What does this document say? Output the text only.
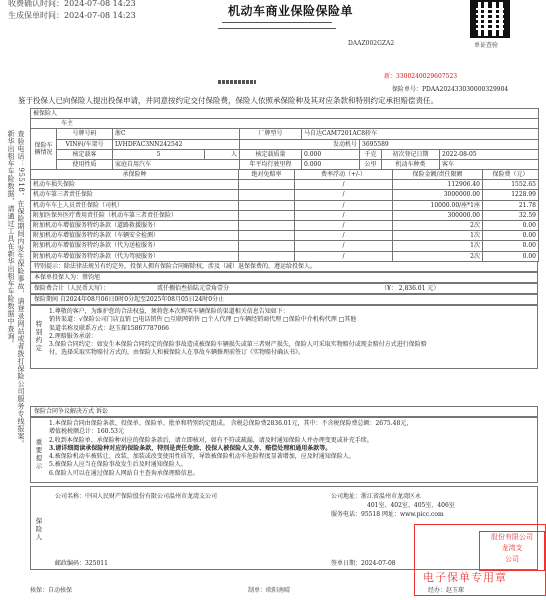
收费确认时间：2024-07-08 14:23
生成保单时间：2024-07-08 14:23	机动车商业保险保险单
单证查验
DAAZ002GZA2
新：3300240029607523
保险单号：PDAA202433030000329904
鉴于投保人已向保险人提出投保申请，并同意按约定交付保险费，保险人依照承保险种及其对应条款和特别约定承担赔偿责任。
新华出租车车险数据，请通过工具在新华出租车车险数据中查询。 查验电话：95518，在保险期间内发生保险事故，请登录网站或者拨打保险公司服务专线报案。
被保险人								
车主								
保险车辆情况	号牌号码	浙C		厂牌型号	马自达CAM7201AC8轿车			
	VIN码/车架号	LVHDFAC3NN242542		发动机号		3695589		
	核定载客	5	人	核定载质量	0.000	千克	初次登记日期	2022-08-05
	使用性质	家庭自用汽车		年平均行驶里程	0.000	公里	机动车种类	客车
承保险种	绝对免赔率	费率浮动（+/-）	保险金额/责任限额	保险费（元）
机动车损失保险		/	112906.40	1552.65
机动车第三者责任保险		/	3000000.00	1228.99
机动车车上人员责任保险（司机）		/	10000.00/座*1座	21.78
附加医保外医疗费用责任险（机动车第三者责任保险）		/	300000.00	32.59
附加机动车增值服务特约条款（道路救援服务）		/	2次	0.00
附加机动车增值服务特约条款（车辆安全检测）		/	1次	0.00
附加机动车增值服务特约条款（代为送检服务）		/	1次	0.00
附加机动车增值服务特约条款（代为驾驶服务）		/	2次	0.00
特别提示：除法律法规另有约定外，投保人拥有保险合同解除权，涉及（减）退保保费的，遵运给投保人。
本保单投保人为：蔡钧旭
保险费合计（人民币大写）：	贰仟捌佰叁拾陆元壹角壹分	（¥： 2,836.01 元）
保险期间 自2024年08月06日0时0分起至2025年08月05日24时0分止
特别约定
1.尊敬的客户，为维护您的合法权益，须将您本次购买车辆保险的渠道相关信息告知如下：
销售渠道：√保险公司门店直销 □电话销售 □互联网销售 □个人代理 □车辆经销商代理 □保险中介机构代理 □其他
渠道名称及联系方式：赵玉琛15867787066
2.理赔服务承诺：
3.保险合同约定：如发生本保险合同约定的保险事故造成被保险车辆损失或第三者财产损失，保险人可采取实物赔付或现金赔付方式进行保险赔
付，选择采取实物赔付方式的，由保险人和被保险人在事故车辆修理前签订《实物赔付确认书》。
保险合同争议解决方式 诉讼
重要提示
1.本保险合同由保险条款、投保单、保险单、批单和特别约定组成。 含税总保险费2836.01元，其中：不含税保险费总额：2675.48元，
增值税税额总计：160.53元
2.收到本保险单、承保险种对应的保险条款后，请立即核对，如有不符或疏漏，请及时通知保险人并办理变更或补充手续。
3.请详细阅读承保险种对应的保险条款，特别是责任免除、投保人被保险人义务、赔偿处理和通用条款等。
4.被保险机动车被转让、改装、加装或改变使用性质等，导致被保险机动车危险程度显著增加，应及时通知保险人。
5.被保险人应当在保险事故发生后及时通知保险人。
6.保险人可以在通过保险人网站自主查询承保理赔信息。
保险人
公司名称：中国人民财产保险股份有限公司温州市龙湾支公司	公司地址：浙江省温州市龙湾区永
401室、402室、405室、406室
服务电话：95518 网址：www.picc.com
邮政编码：325011	签单日期：2024-07-08
股份有限公司
龙湾支
公司
电子保单专用章
核保：自动核保	制单：欧阳南晴	经办：赵玉琛
